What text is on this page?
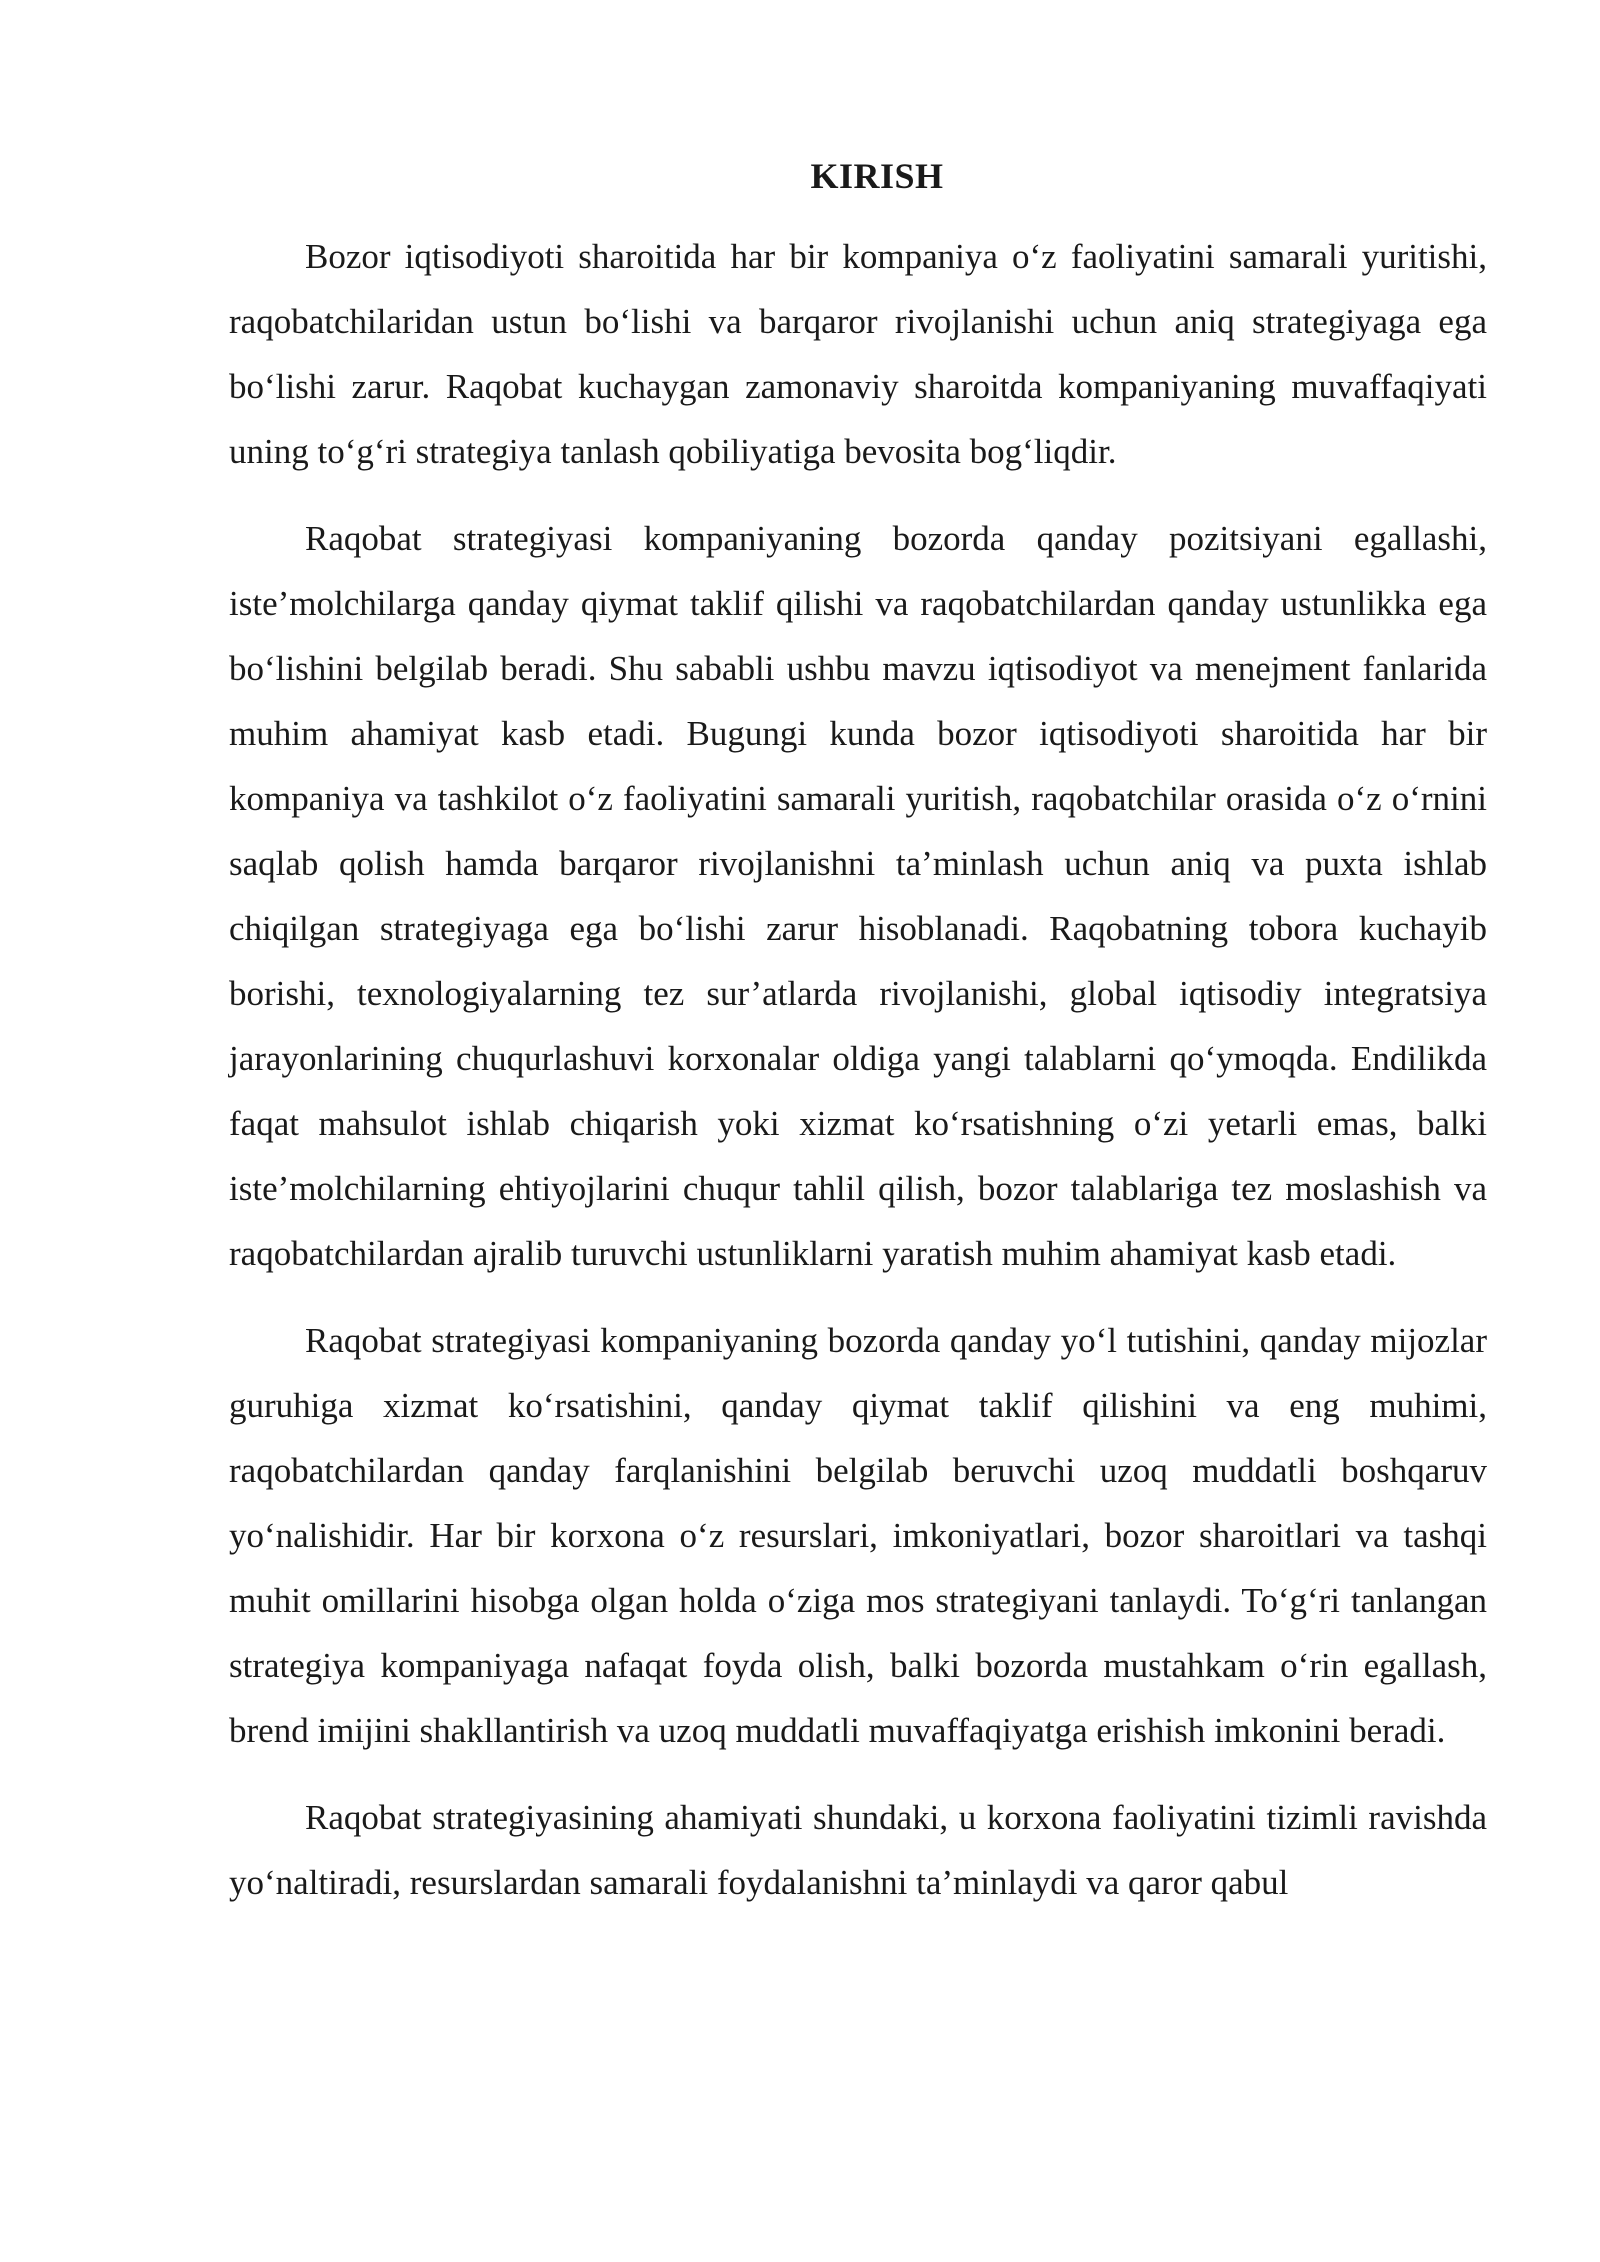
KIRISH

Bozor iqtisodiyoti sharoitida har bir kompaniya o‘z faoliyatini samarali yuritishi, raqobatchilaridan ustun bo‘lishi va barqaror rivojlanishi uchun aniq strategiyaga ega bo‘lishi zarur. Raqobat kuchaygan zamonaviy sharoitda kompaniyaning muvaffaqiyati uning to‘g‘ri strategiya tanlash qobiliyatiga bevosita bog‘liqdir.

Raqobat strategiyasi kompaniyaning bozorda qanday pozitsiyani egallashi, iste’molchilarga qanday qiymat taklif qilishi va raqobatchilardan qanday ustunlikka ega bo‘lishini belgilab beradi. Shu sababli ushbu mavzu iqtisodiyot va menejment fanlarida muhim ahamiyat kasb etadi. Bugungi kunda bozor iqtisodiyoti sharoitida har bir kompaniya va tashkilot o‘z faoliyatini samarali yuritish, raqobatchilar orasida o‘z o‘rnini saqlab qolish hamda barqaror rivojlanishni ta’minlash uchun aniq va puxta ishlab chiqilgan strategiyaga ega bo‘lishi zarur hisoblanadi. Raqobatning tobora kuchayib borishi, texnologiyalarning tez sur’atlarda rivojlanishi, global iqtisodiy integratsiya jarayonlarining chuqurlashuvi korxonalar oldiga yangi talablarni qo‘ymoqda. Endilikda faqat mahsulot ishlab chiqarish yoki xizmat ko‘rsatishning o‘zi yetarli emas, balki iste’molchilarning ehtiyojlarini chuqur tahlil qilish, bozor talablariga tez moslashish va raqobatchilardan ajralib turuvchi ustunliklarni yaratish muhim ahamiyat kasb etadi.

Raqobat strategiyasi kompaniyaning bozorda qanday yo‘l tutishini, qanday mijozlar guruhiga xizmat ko‘rsatishini, qanday qiymat taklif qilishini va eng muhimi, raqobatchilardan qanday farqlanishini belgilab beruvchi uzoq muddatli boshqaruv yo‘nalishidir. Har bir korxona o‘z resurslari, imkoniyatlari, bozor sharoitlari va tashqi muhit omillarini hisobga olgan holda o‘ziga mos strategiyani tanlaydi. To‘g‘ri tanlangan strategiya kompaniyaga nafaqat foyda olish, balki bozorda mustahkam o‘rin egallash, brend imijini shakllantirish va uzoq muddatli muvaffaqiyatga erishish imkonini beradi.

Raqobat strategiyasining ahamiyati shundaki, u korxona faoliyatini tizimli ravishda yo‘naltiradi, resurslardan samarali foydalanishni ta’minlaydi va qaror qabul
